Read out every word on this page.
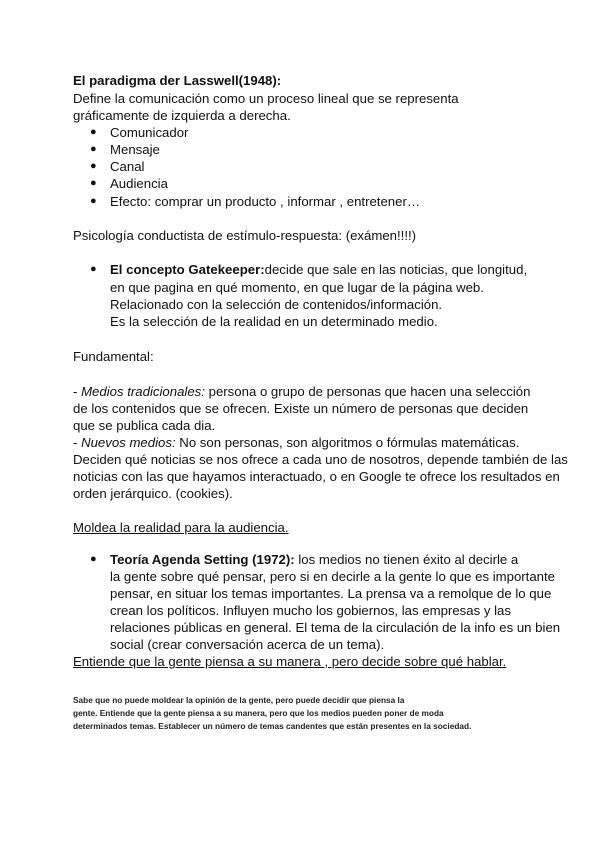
El paradigma der Lasswell(1948):
Define la comunicación como un proceso lineal que se representa
gráficamente de izquierda a derecha.
● Comunicador
● Mensaje
● Canal
● Audiencia
● Efecto: comprar un producto , informar , entretener…
Psicología conductista de estímulo-respuesta: (exámen!!!!)
● El concepto Gatekeeper:decide que sale en las noticias, que longitud,
en que pagina en qué momento, en que lugar de la página web.
Relacionado con la selección de contenidos/información.
Es la selección de la realidad en un determinado medio.
Fundamental:
- Medios tradicionales: persona o grupo de personas que hacen una selección
de los contenidos que se ofrecen. Existe un número de personas que deciden
que se publica cada dia.
- Nuevos medios: No son personas, son algoritmos o fórmulas matemáticas.
Deciden qué noticias se nos ofrece a cada uno de nosotros, depende también de las
noticias con las que hayamos interactuado, o en Google te ofrece los resultados en
orden jerárquico. (cookies).
Moldea la realidad para la audiencia.
● Teoría Agenda Setting (1972): los medios no tienen éxito al decirle a
la gente sobre qué pensar, pero si en decirle a la gente lo que es importante
pensar, en situar los temas importantes. La prensa va a remolque de lo que
crean los políticos. Influyen mucho los gobiernos, las empresas y las
relaciones públicas en general. El tema de la circulación de la info es un bien
social (crear conversación acerca de un tema).
Entiende que la gente piensa a su manera , pero decide sobre qué hablar.
Sabe que no puede moldear la opinión de la gente, pero puede decidir que piensa la
gente. Entiende que la gente piensa a su manera, pero que los medios pueden poner de moda
determinados temas. Establecer un número de temas candentes que están presentes en la sociedad.
